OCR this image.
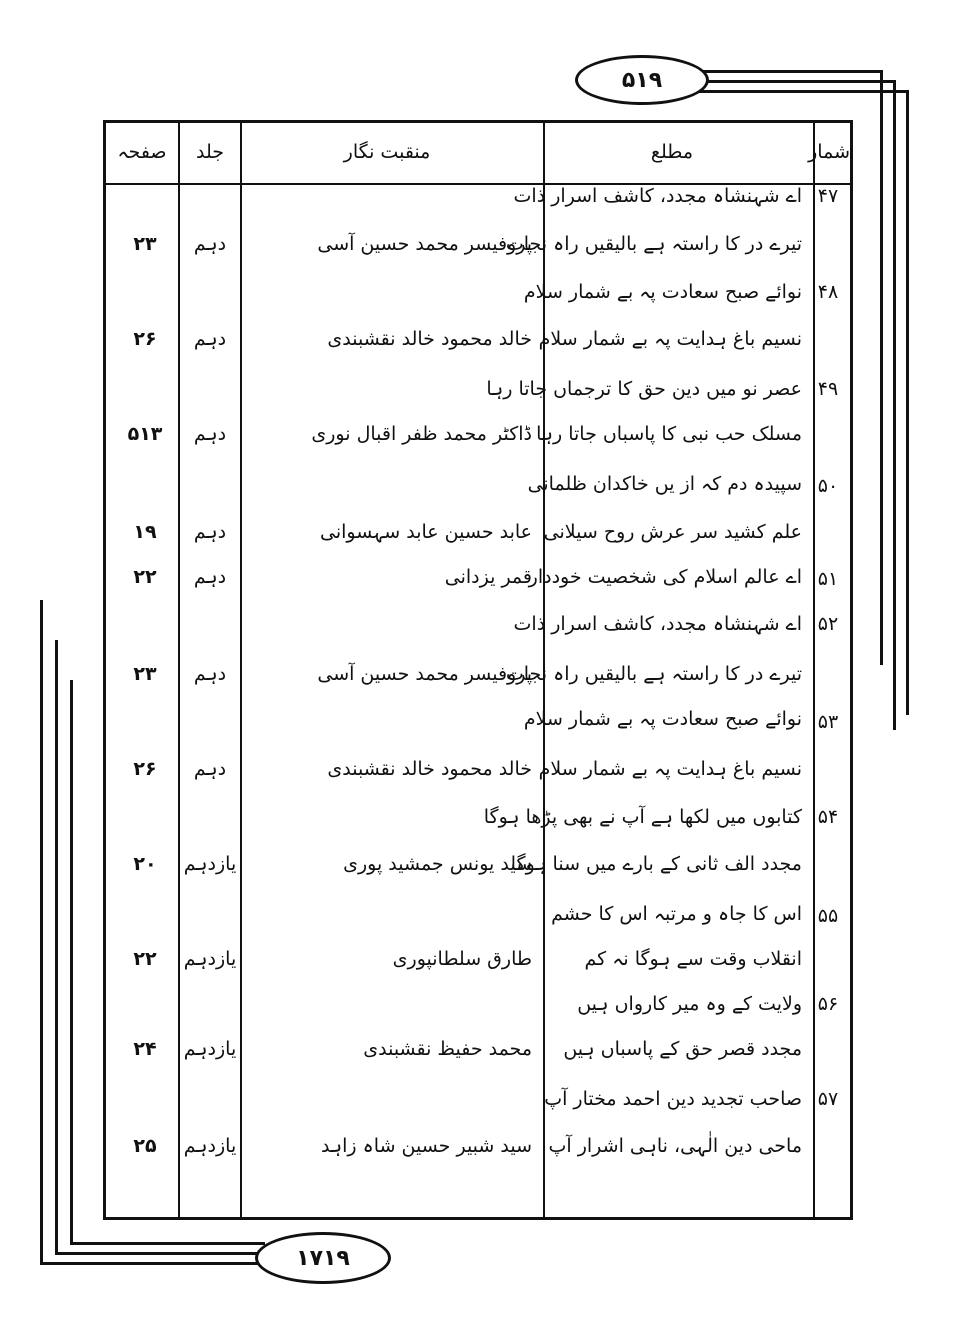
۵۱۹
۱۷۱۹
شمار
مطلع
منقبت نگار
جلد
صفحہ
۴۷
اے شہنشاہ مجدد، کاشف اسرار ذات
تیرے در کا راستہ ہے بالیقیں راہ نجات
پروفیسر محمد حسین آسی
دہم
۲۳
۴۸
نوائے صبح سعادت پہ بے شمار سلام
نسیم باغ ہدایت پہ بے شمار سلام
خالد محمود خالد نقشبندی
دہم
۲۶
۴۹
عصر نو میں دین حق کا ترجماں جاتا رہا
مسلک حب نبی کا پاسباں جاتا رہا
ڈاکٹر محمد ظفر اقبال نوری
دہم
۵۱۳
۵۰
سپیدہ دم کہ از یں خاکدان ظلمانی
علم کشید سر عرش روح سیلانی
عابد حسین عابد سہسوانی
دہم
۱۹
۵۱
اے عالم اسلام کی شخصیت خوددار
قمر یزدانی
دہم
۲۲
۵۲
اے شہنشاہ مجدد، کاشف اسرار ذات
تیرے در کا راستہ ہے بالیقیں راہ نجات
پروفیسر محمد حسین آسی
دہم
۲۳
۵۳
نوائے صبح سعادت پہ بے شمار سلام
نسیم باغ ہدایت پہ بے شمار سلام
خالد محمود خالد نقشبندی
دہم
۲۶
۵۴
کتابوں میں لکھا ہے آپ نے بھی پڑھا ہوگا
مجدد الف ثانی کے بارے میں سنا ہوگا
سید یونس جمشید پوری
یازدہم
۲۰
۵۵
اس کا جاہ و مرتبہ اس کا حشم
انقلاب وقت سے ہوگا نہ کم
طارق سلطانپوری
یازدہم
۲۲
۵۶
ولایت کے وہ میر کارواں ہیں
مجدد قصر حق کے پاسباں ہیں
محمد حفیظ نقشبندی
یازدہم
۲۴
۵۷
صاحب تجدید دین احمد مختار آپ
ماحی دین الٰہی، ناہی اشرار آپ
سید شبیر حسین شاہ زاہد
یازدہم
۲۵
